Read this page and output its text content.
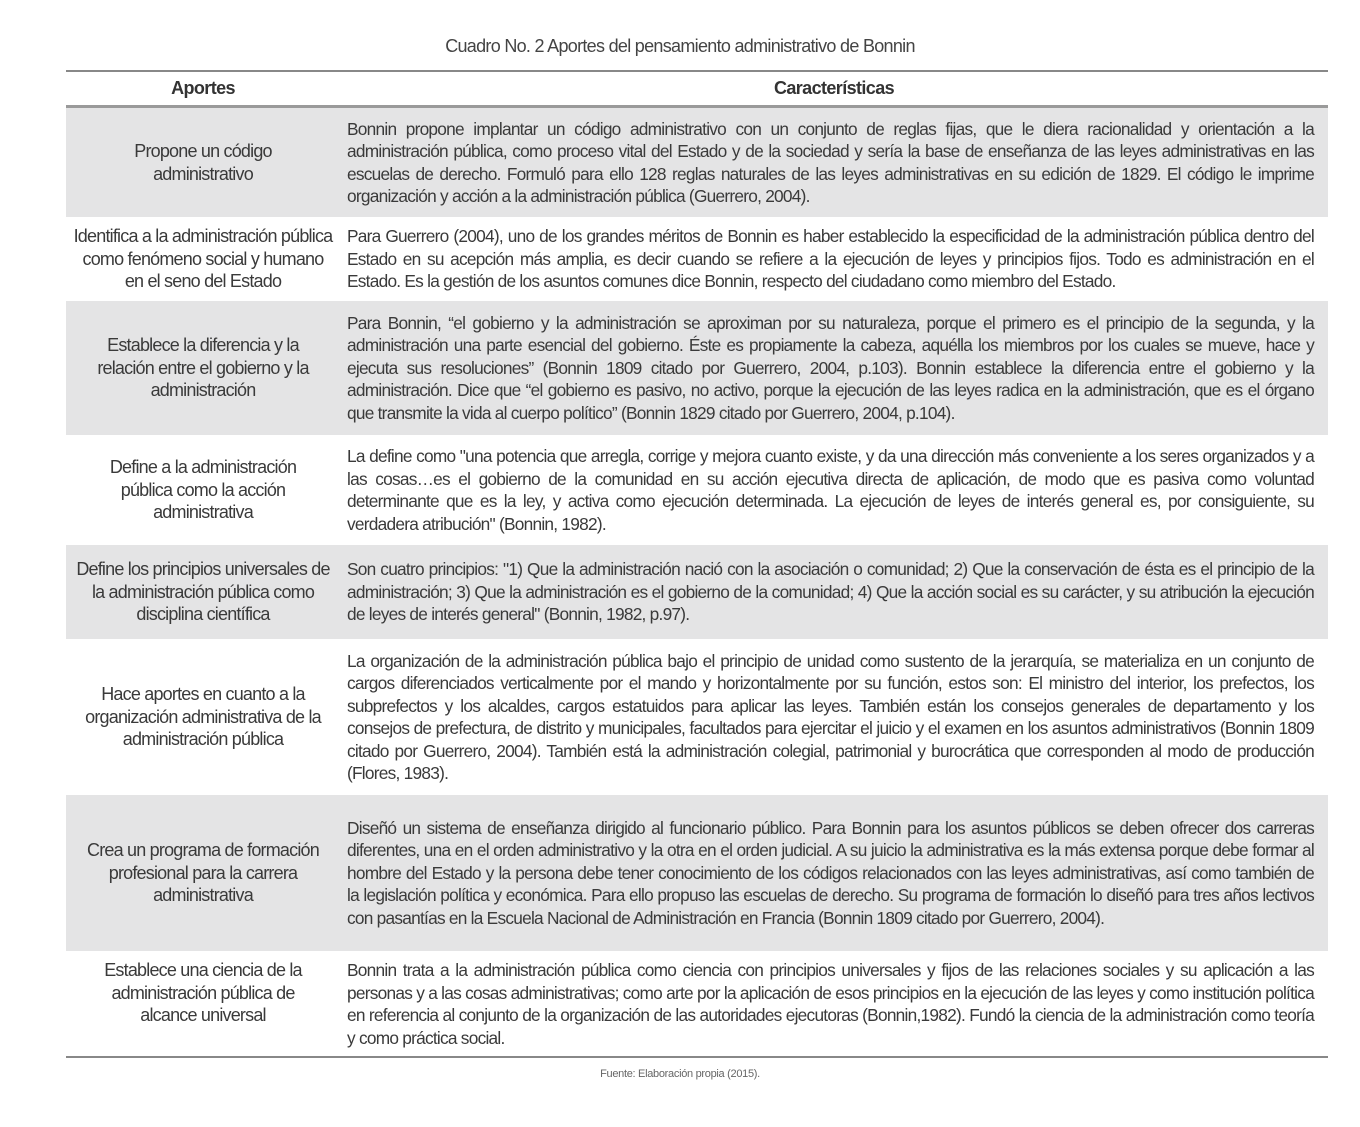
Cuadro No. 2 Aportes del pensamiento administrativo de Bonnin
Aportes	Características
Propone un código administrativo
Bonnin propone implantar un código administrativo con un conjunto de reglas fijas, que le diera racionalidad y orientación a la administración pública, como proceso vital del Estado y de la sociedad y sería la base de enseñanza de las leyes administrativas en las escuelas de derecho. Formuló para ello 128 reglas naturales de las leyes administrativas en su edición de 1829. El código le imprime organización y acción a la administración pública (Guerrero, 2004).
Identifica a la administración pública como fenómeno social y humano en el seno del Estado
Para Guerrero (2004), uno de los grandes méritos de Bonnin es haber establecido la especificidad de la administración pública dentro del Estado en su acepción más amplia, es decir cuando se refiere a la ejecución de leyes y principios fijos. Todo es administración en el Estado. Es la gestión de los asuntos comunes dice Bonnin, respecto del ciudadano como miembro del Estado.
Establece la diferencia y la relación entre el gobierno y la administración
Para Bonnin, “el gobierno y la administración se aproximan por su naturaleza, porque el primero es el principio de la segunda, y la administración una parte esencial del gobierno. Éste es propiamente la cabeza, aquélla los miembros por los cuales se mueve, hace y ejecuta sus resoluciones” (Bonnin 1809 citado por Guerrero, 2004, p.103). Bonnin establece la diferencia entre el gobierno y la administración. Dice que “el gobierno es pasivo, no activo, porque la ejecución de las leyes radica en la administración, que es el órgano que transmite la vida al cuerpo político” (Bonnin 1829 citado por Guerrero, 2004, p.104).
Define a la administración pública como la acción administrativa
La define como "una potencia que arregla, corrige y mejora cuanto existe, y da una dirección más conveniente a los seres organizados y a las cosas…es el gobierno de la comunidad en su acción ejecutiva directa de aplicación, de modo que es pasiva como voluntad determinante que es la ley, y activa como ejecución determinada. La ejecución de leyes de interés general es, por consiguiente, su verdadera atribución" (Bonnin, 1982).
Define los principios universales de la administración pública como disciplina científica
Son cuatro principios: "1) Que la administración nació con la asociación o comunidad; 2) Que la conservación de ésta es el principio de la administración; 3) Que la administración es el gobierno de la comunidad; 4) Que la acción social es su carácter, y su atribución la ejecución de leyes de interés general" (Bonnin, 1982, p.97).
Hace aportes en cuanto a la organización administrativa de la administración pública
La organización de la administración pública bajo el principio de unidad como sustento de la jerarquía, se materializa en un conjunto de cargos diferenciados verticalmente por el mando y horizontalmente por su función, estos son: El ministro del interior, los prefectos, los subprefectos y los alcaldes, cargos estatuidos para aplicar las leyes. También están los consejos generales de departamento y los consejos de prefectura, de distrito y municipales, facultados para ejercitar el juicio y el examen en los asuntos administrativos (Bonnin 1809 citado por Guerrero, 2004). También está la administración colegial, patrimonial y burocrática que corresponden al modo de producción (Flores, 1983).
Crea un programa de formación profesional para la carrera administrativa
Diseñó un sistema de enseñanza dirigido al funcionario público. Para Bonnin para los asuntos públicos se deben ofrecer dos carreras diferentes, una en el orden administrativo y la otra en el orden judicial. A su juicio la administrativa es la más extensa porque debe formar al hombre del Estado y la persona debe tener conocimiento de los códigos relacionados con las leyes administrativas, así como también de la legislación política y económica. Para ello propuso las escuelas de derecho. Su programa de formación lo diseñó para tres años lectivos con pasantías en la Escuela Nacional de Administración en Francia (Bonnin 1809 citado por Guerrero, 2004).
Establece una ciencia de la administración pública de alcance universal
Bonnin trata a la administración pública como ciencia con principios universales y fijos de las relaciones sociales y su aplicación a las personas y a las cosas administrativas; como arte por la aplicación de esos principios en la ejecución de las leyes y como institución política en referencia al conjunto de la organización de las autoridades ejecutoras (Bonnin,1982). Fundó la ciencia de la administración como teoría y como práctica social.
Fuente: Elaboración propia (2015).
